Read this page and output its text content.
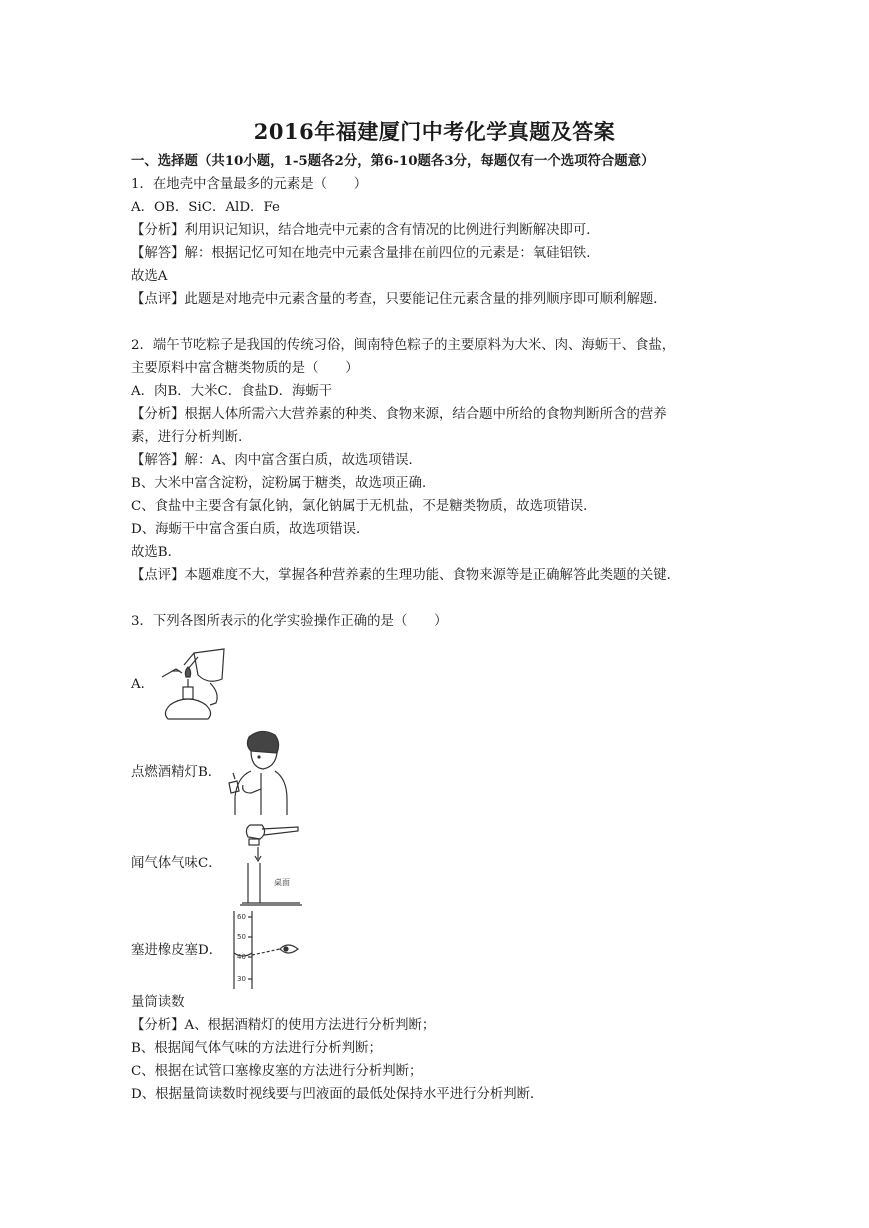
2016年福建厦门中考化学真题及答案
一、选择题（共10小题，1-5题各2分，第6-10题各3分，每题仅有一个选项符合题意）
1．在地壳中含量最多的元素是（　　）
A．OB．SiC．AlD．Fe
【分析】利用识记知识，结合地壳中元素的含有情况的比例进行判断解决即可．
【解答】解：根据记忆可知在地壳中元素含量排在前四位的元素是：氧硅铝铁．
故选A
【点评】此题是对地壳中元素含量的考查，只要能记住元素含量的排列顺序即可顺利解题．
2．端午节吃粽子是我国的传统习俗，闽南特色粽子的主要原料为大米、肉、海蛎干、食盐，
主要原料中富含糖类物质的是（　　）
A．肉B．大米C．食盐D．海蛎干
【分析】根据人体所需六大营养素的种类、食物来源，结合题中所给的食物判断所含的营养
素，进行分析判断．
【解答】解：A、肉中富含蛋白质，故选项错误．
B、大米中富含淀粉，淀粉属于糖类，故选项正确．
C、食盐中主要含有氯化钠，氯化钠属于无机盐，不是糖类物质，故选项错误．
D、海蛎干中富含蛋白质，故选项错误．
故选B．
【点评】本题难度不大，掌握各种营养素的生理功能、食物来源等是正确解答此类题的关键．
3．下列各图所表示的化学实验操作正确的是（　　）
A．
点燃酒精灯B．
闻气体气味C．
桌面
塞进橡皮塞D．
60
50
40
30
量筒读数
【分析】A、根据酒精灯的使用方法进行分析判断；
B、根据闻气体气味的方法进行分析判断；
C、根据在试管口塞橡皮塞的方法进行分析判断；
D、根据量筒读数时视线要与凹液面的最低处保持水平进行分析判断．
